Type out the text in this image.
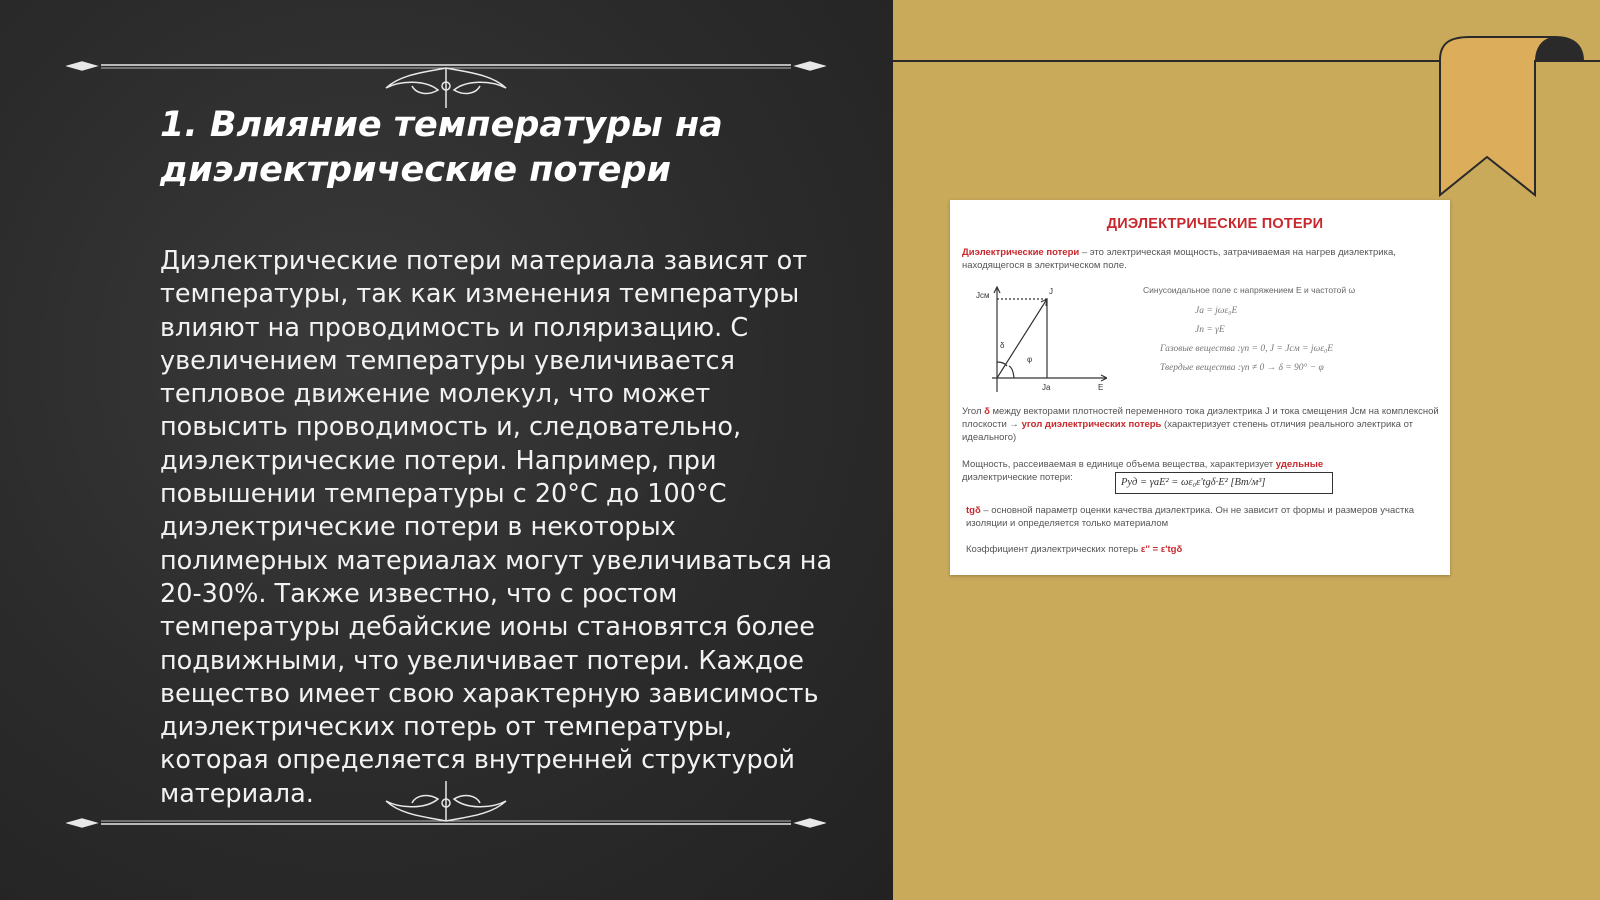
1. Влияние температуры на диэлектрические потери

Диэлектрические потери материала зависят от температуры, так как изменения температуры влияют на проводимость и поляризацию. С увеличением температуры увеличивается тепловое движение молекул, что может повысить проводимость и, следовательно, диэлектрические потери. Например, при повышении температуры с 20°C до 100°C диэлектрические потери в некоторых полимерных материалах могут увеличиваться на 20-30%. Также известно, что с ростом температуры дебайские ионы становятся более подвижными, что увеличивает потери. Каждое вещество имеет свою характерную зависимость диэлектрических потерь от температуры, которая определяется внутренней структурой материала.

ДИЭЛЕКТРИЧЕСКИЕ ПОТЕРИ
Диэлектрические потери – это электрическая мощность, затрачиваемая на нагрев диэлектрика, находящегося в электрическом поле.
Jсм	J
δ
φ
Jа	E
Синусоидальное поле с напряжением E и частотой ω
Jа = jωε₀E
Jп = γE
Газовые вещества :γп = 0, J = Jсм = jωε₀E
Твердые вещества :γп ≠ 0 → δ = 90° − φ
Угол δ между векторами плотностей переменного тока диэлектрика J и тока смещения Jсм на комплексной плоскости → угол диэлектрических потерь (характеризует степень отличия реального электрика от идеального)
Мощность, рассеиваемая в единице объема вещества, характеризует удельные
диэлектрические потери:	Pуд = γаE² = ωε₀ε'tgδ·E² [Вт/м³]
tgδ – основной параметр оценки качества диэлектрика. Он не зависит от формы и размеров участка изоляции и определяется только материалом
Коэффициент диэлектрических потерь ε'' = ε'tgδ
